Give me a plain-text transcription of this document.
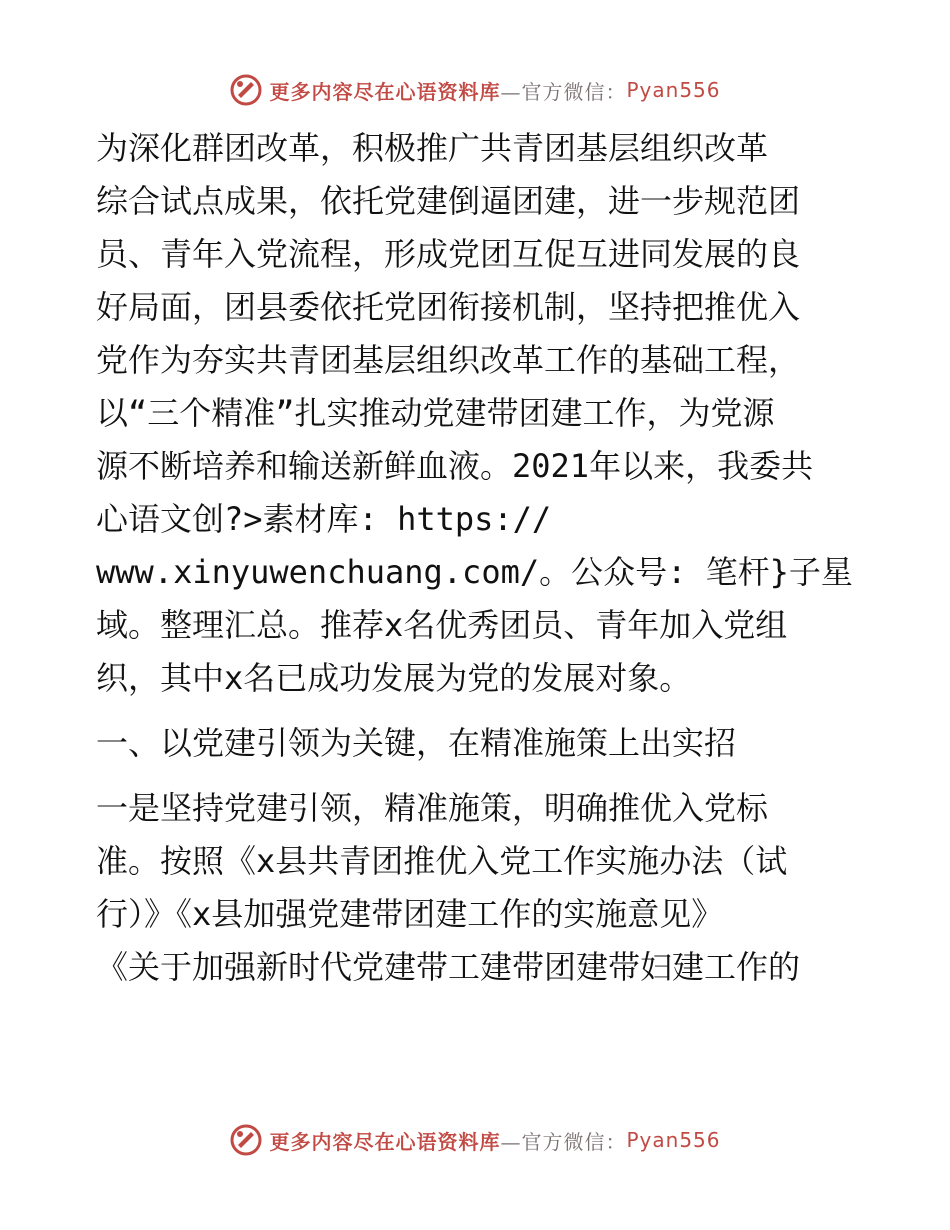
更多内容尽在心语资料库 —官方微信： Pyan556

为深化群团改革，积极推广共青团基层组织改革
综合试点成果，依托党建倒逼团建，进一步规范团
员、青年入党流程，形成党团互促互进同发展的良
好局面，团县委依托党团衔接机制，坚持把推优入
党作为夯实共青团基层组织改革工作的基础工程，
以“三个精准”扎实推动党建带团建工作，为党源
源不断培养和输送新鲜血液。2021年以来，我委共
心语文创?>素材库: https://
www.xinyuwenchuang.com/。公众号: 笔杆}子星
域。整理汇总。推荐x名优秀团员、青年加入党组
织，其中x名已成功发展为党的发展对象。

一、以党建引领为关键，在精准施策上出实招

一是坚持党建引领，精准施策，明确推优入党标
准。按照《x县共青团推优入党工作实施办法（试
行）》《x县加强党建带团建工作的实施意见》
《关于加强新时代党建带工建带团建带妇建工作的

更多内容尽在心语资料库 —官方微信： Pyan556
